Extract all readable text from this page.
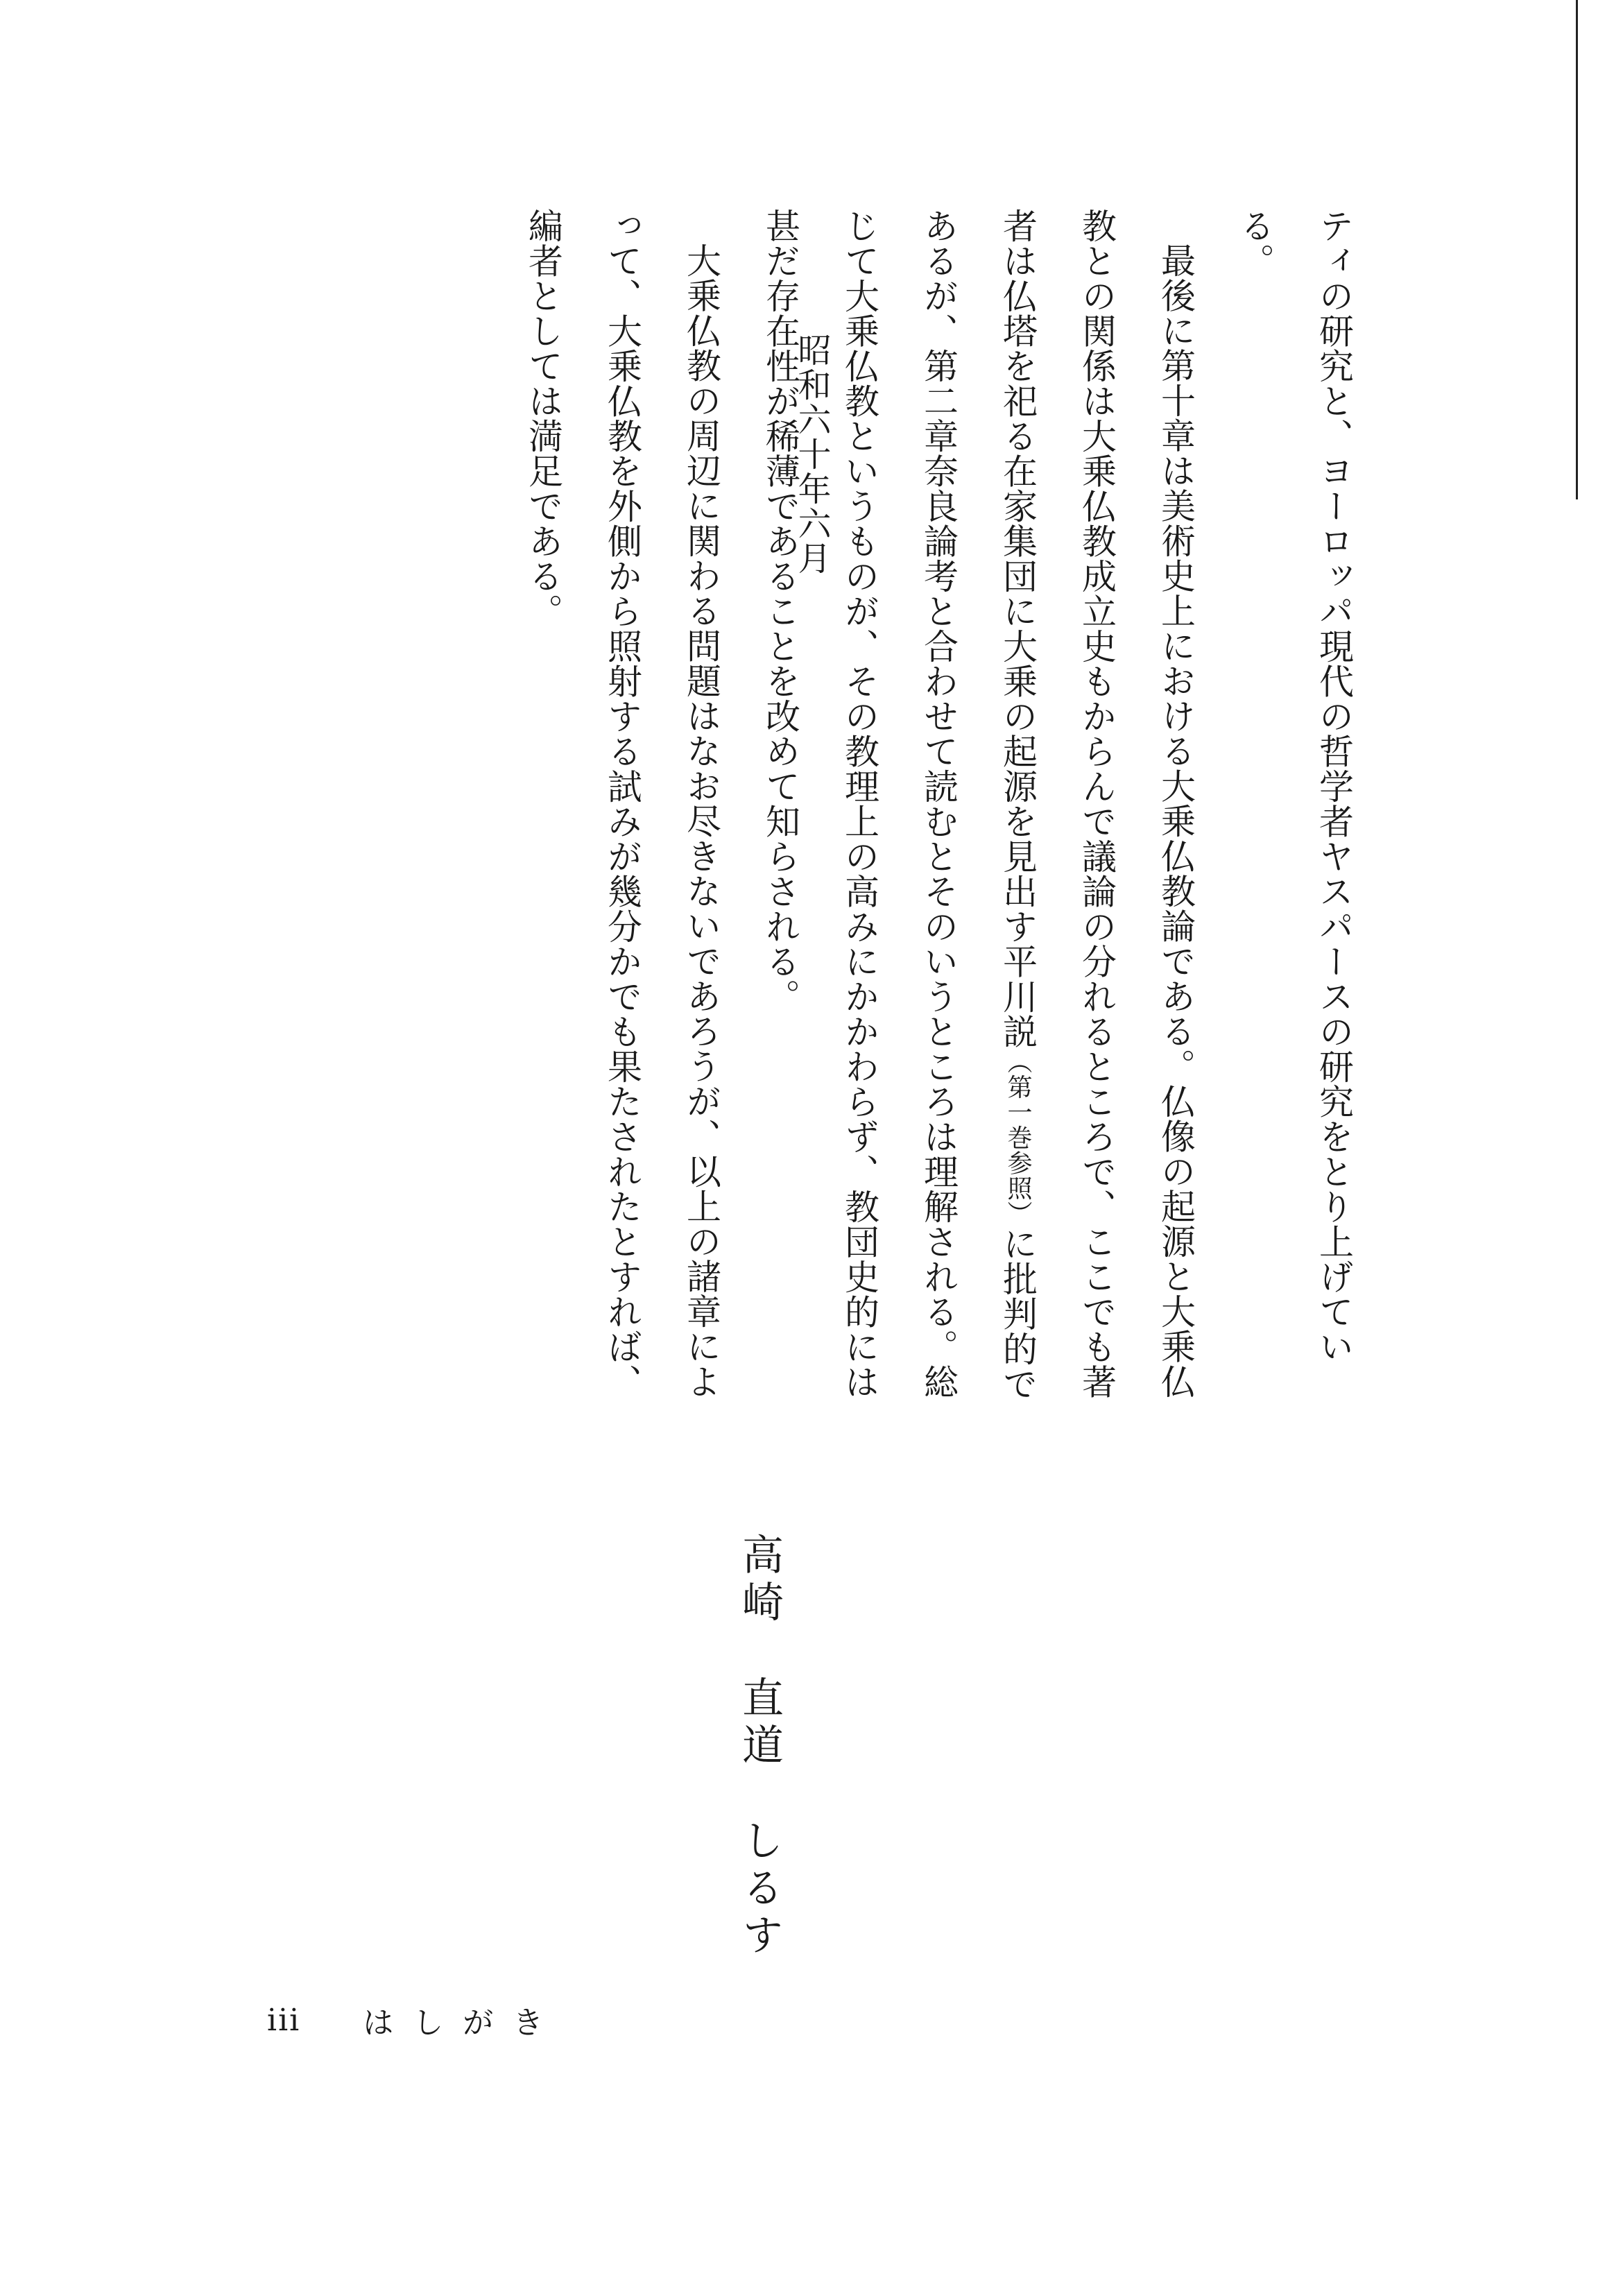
ティの研究と、ヨーロッパ現代の哲学者ヤスパースの研究をとり上げている。

最後に第十章は美術史上における大乗仏教論である。仏像の起源と大乗仏教との関係は大乗仏教成立史もからんで議論の分れるところで、ここでも著者は仏塔を祀る在家集団に大乗の起源を見出す平川説（第一巻参照）に批判的であるが、第二章奈良論考と合わせて読むとそのいうところは理解される。総じて大乗仏教というものが、その教理上の高みにかかわらず、教団史的には甚だ存在性が稀薄であることを改めて知らされる。

大乗仏教の周辺に関わる問題はなお尽きないであろうが、以上の諸章によって、大乗仏教を外側から照射する試みが幾分かでも果たされたとすれば、編者としては満足である。	昭和六十年六月
高崎直道しるす
iii はしがき
